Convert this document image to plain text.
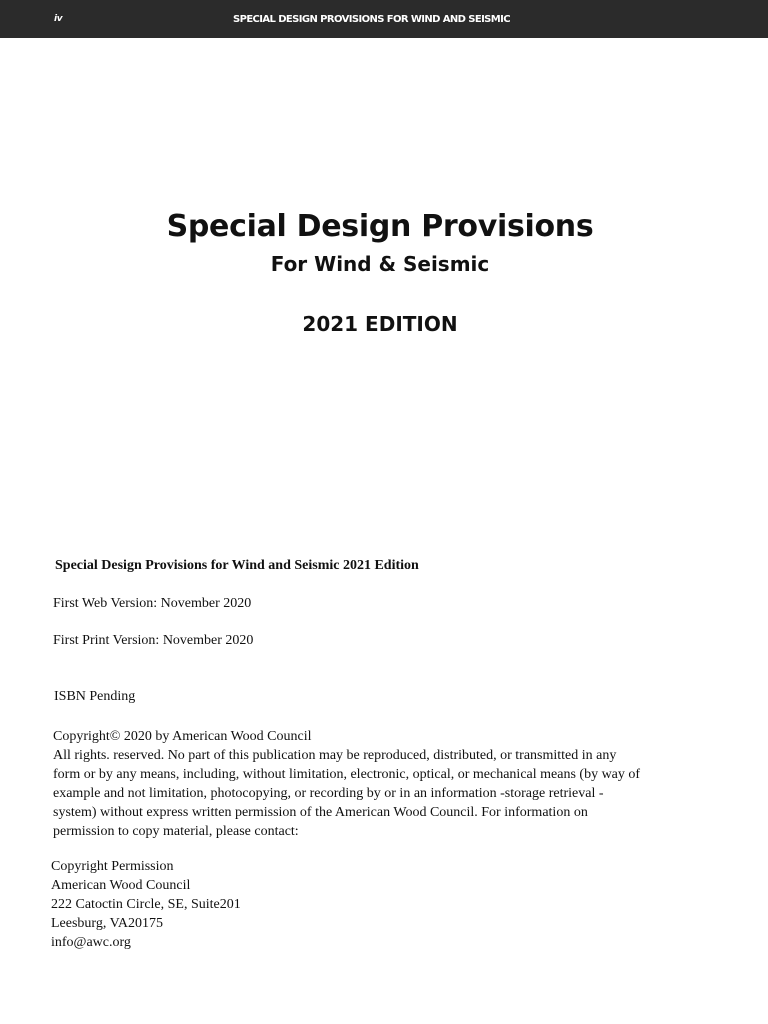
iv	SPECIAL DESIGN PROVISIONS FOR WIND AND SEISMIC
Special Design Provisions
For Wind & Seismic
2021 EDITION
Special Design Provisions for Wind and Seismic 2021 Edition
First Web Version: November 2020
First Print Version: November 2020
ISBN Pending
Copyright© 2020 by American Wood Council
All rights. reserved. No part of this publication may be reproduced, distributed, or transmitted in any
form or by any means, including, without limitation, electronic, optical, or mechanical means (by way of
example and not limitation, photocopying, or recording by or in an information -storage retrieval -
system) without express written permission of the American Wood Council. For information on
permission to copy material, please contact:
Copyright Permission
American Wood Council
222 Catoctin Circle, SE, Suite201
Leesburg, VA20175
info@awc.org
